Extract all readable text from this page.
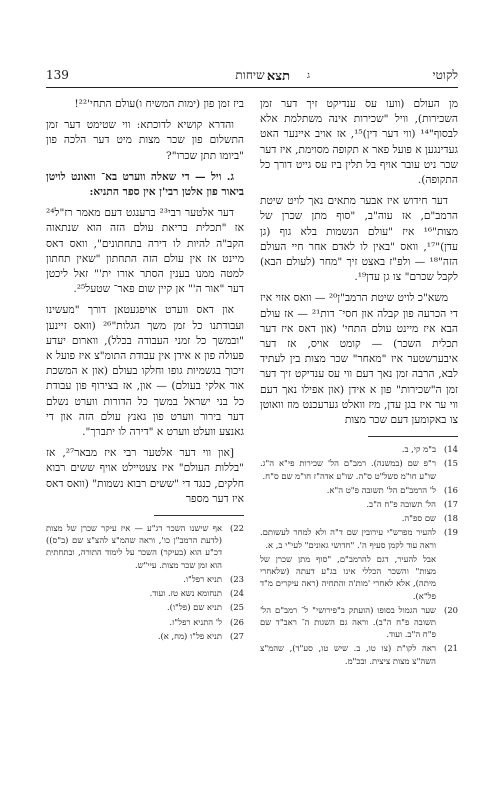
לקוטי
תצא ג
שיחות
139

מן העולם (וועו עס ענדיקט זיך דער זמן השכירות), וויל "שכירות אינה משתלמת אלא לבסוף"¹⁴ (ווי דער דין)¹⁵, אז אויב איינער האט געדינגען א פועל פאר א תקופה מסוימת, איז דער שכר ניט עובר אויף בל תלין ביז עס גייט דורך כל התקופה).

דער חידוש איז אבער מתאים נאך לויט שיטת הרמב"ם, אז עוה"ב, "סוף מתן שכרן של מצות"¹⁶ איז "עולם הנשמות בלא גוף (גן עדן)"¹⁷, וואס "באין לו לאדם אחר חיי העולם הזה"¹⁸ — ולפ"ז באצט זיך "מחר (לעולם הבא) לקבל שכרם" צו גן עדן¹⁹.

משא"כ לויט שיטת הרמב"ן²⁰ — וואס אזוי איז די הכרעה פון קבלה און חסי־ דות²¹ — אז עולם הבא איז מיינט עולם התחי' (און דאס איז דער תכלית השכר) — קומט אויס, אז דער איבערשטער איז "מאחר" שכר מצות בין לעתיד לבא, הרבה זמן נאך דעם ווי עס ענדיקט זיך דער זמן ה"שכירות" פון א אידן (און אפילו נאך דעם ווי ער איז בגן עדן, מיז וואלט גערעכנט מוז וואוטן צו באקומען דעם שכר מצות

14)
ב"מ קי, ב.
15)
ר"פ שם (במשנה). רמב"ם הל' שכירות פי"א ה"ג. שו"ע חו"מ סשל"ט ס"ה. שו"ע אדה"ז חו"מ שם ס"ח.
16)
ל' הרמב"ם הל' תשובה פ"ט ה"א.
17)
הל' תשובה פ"ח ה"ב.
18)
שם ספ"ה.
19)
להעיר מפרש"י עירובין שם ד"ה ולא למחר לעשותם. וראה עוד לקמן סעיף ה'. "חדושי גאונים" לעי"י ב, א.
אבל להעיר, דגם להרמב"ם, "סוף מתן שכרן של מצות" והשכר הכללי אינו בג"ע דעתה (שלאחרי מיתה), אלא לאחרי 'מות'ה והתחיה (ראה עיקרים מ"ד פל"א).
20)
שער הגמול בסופו (הועתק ב"פירושי" ל־ רמב"ם הל' תשובה פ"ח ה"ב). וראה גם השגות ה־ ראב"ד שם פ"ח ה"ב. ועוד.
21)
ראה לקו"ת (צו טו, ב. שיש טו, סע"ד), שהמ"צ השה"צ מצות ציצית. ובכ"מ.

ביז זמן פון (ימות המשיח ו)עולם התחי'²²!

והדרא קושיא לדוכתא: ווי שטימט דער זמן התשלום פון שכר מצות מיט דער הלכה פון "ביומו תתן שכרו"?

ג. ויל — די שאלה ווערט בא־ וואונט לויטן ביאור פון אלטן רבי'ן אין ספר התניא:

דער אלטער רבי²³ ברענגט דעם מאמר רז"ל²⁴ אז "תכלית בריאת עולם הזה הוא שנתאוה הקב"ה להיות לו דירה בתחתונים", וואס דאס מיינט אז אין עולם הזה התחתון "שאין תחתון למטה ממנו בענין הסתר אורו ית'" זאל ליכטן דער "אור ה'" אן קיין שום פאר־ שטעל²⁵.

און דאס ווערט אויפגעטאן דורך "מעשינו ועבודתנו כל זמן משך הגלות"²⁶ (וואס זיינען "ובמשך כל זמני העבודה בכלל), ווארום יעדע פעולה פון א אידן אין עבודת התומ"צ איז פועל א זיכוך בגשמיות גופו וחלקו בעולם (און א המשכת אור אלקי בעולם) — און, אז בצירוף פון עבודת כל בני ישראל במשך כל הדורות ווערט נשלם דער בירור ווערט פון גאנץ עולם הזה און די גאנצע וועלט ווערט א "דירה לו יתברך".

[און ווי דער אלטער רבי איז מבאר²⁷, אז "בללות העולם" איז צעטיילט אויף ששים רבוא חלקים, כנגד די "ששים רבוא נשמות" (וואס דאס איז דער מספר

22)
אף שישנו השכר דג"ע — איז עיקר שכרן של מצות (לדעת הרמב"ן כו', וראה שהמ"צ להצ"צ שם (ב"ס)) דכ"ע הוא (בעיקר) השכר על לימוד התורה, ובתחתית הוא זמן שכר מצות. עיי"ש.
23)
תניא רפל"ו.
24)
תנחומא נשא טז. ועוד.
25)
תניא שם (פל"ו).
26)
ל' התניא רפל"ז.
27)
תניא פל"ו (מח, א).
